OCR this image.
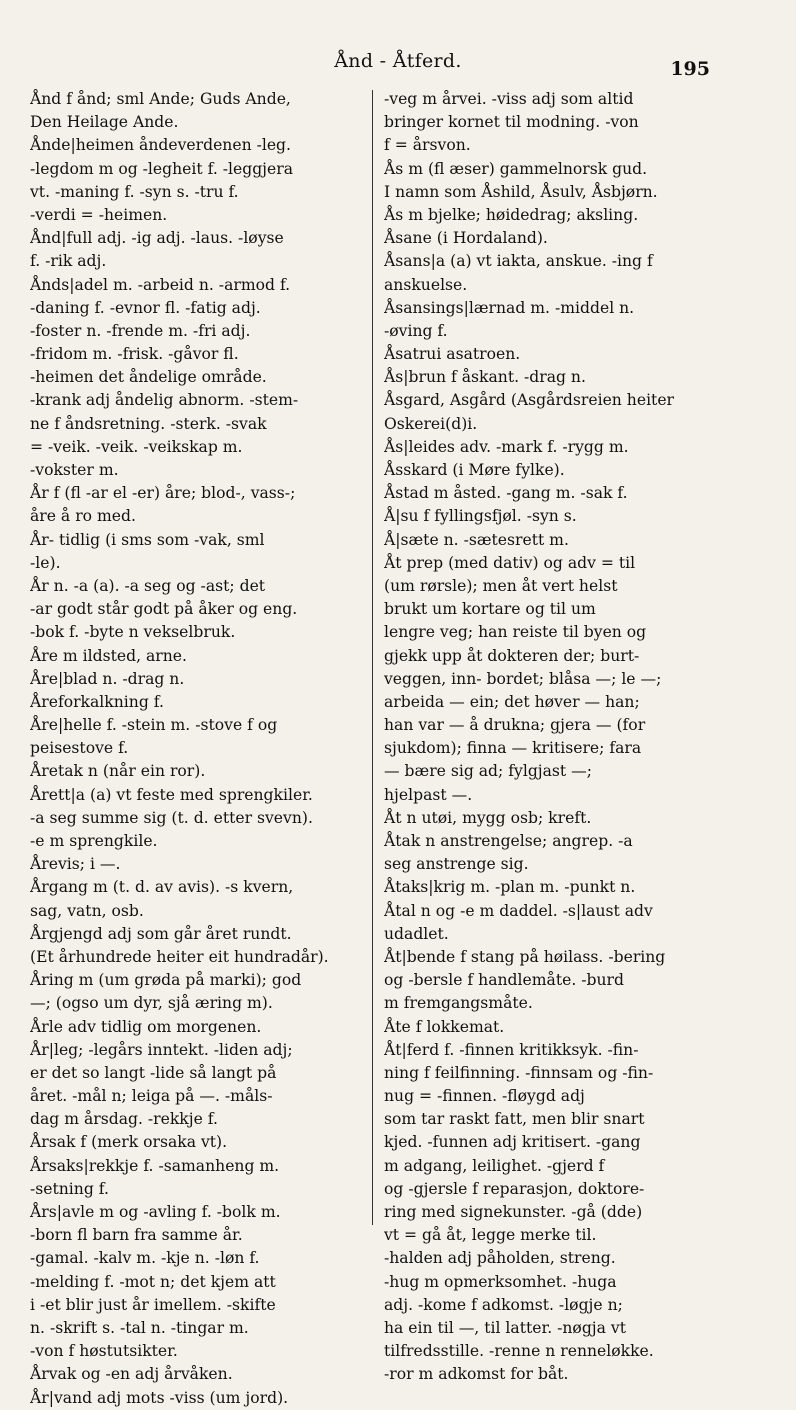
Ånd - Åtferd.	195
Ånd f ånd; sml Ande; Guds Ande,
Den Heilage Ande.
Ånde|heimen åndeverdenen -leg.
-legdom m og -legheit f. -leggjera
vt. -maning f. -syn s. -tru f.
-verdi = -heimen.
Ånd|full adj. -ig adj. -laus. -løyse
f. -rik adj.
Ånds|adel m. -arbeid n. -armod f.
-daning f. -evnor fl. -fatig adj.
-foster n. -frende m. -fri adj.
-fridom m. -frisk. -gåvor fl.
-heimen det åndelige område.
-krank adj åndelig abnorm. -stem-
ne f åndsretning. -sterk. -svak
= -veik. -veik. -veikskap m.
-vokster m.
År f (fl -ar el -er) åre; blod-, vass-;
åre å ro med.
År- tidlig (i sms som -vak, sml
-le).
År n. -a (a). -a seg og -ast; det
-ar godt står godt på åker og eng.
-bok f. -byte n vekselbruk.
Åre m ildsted, arne.
Åre|blad n. -drag n.
Åreforkalkning f.
Åre|helle f. -stein m. -stove f og
peisestove f.
Åretak n (når ein ror).
Årett|a (a) vt feste med sprengkiler.
-a seg summe sig (t. d. etter svevn).
-e m sprengkile.
Årevis; i —.
Årgang m (t. d. av avis). -s kvern,
sag, vatn, osb.
Årgjengd adj som går året rundt.
(Et århundrede heiter eit hundradår).
Åring m (um grøda på marki); god
—; (ogso um dyr, sjå æring m).
Årle adv tidlig om morgenen.
År|leg; -legårs inntekt. -liden adj;
er det so langt -lide så langt på
året. -mål n; leiga på —. -måls-
dag m årsdag. -rekkje f.
Årsak f (merk orsaka vt).
Årsaks|rekkje f. -samanheng m.
-setning f.
Års|avle m og -avling f. -bolk m.
-born fl barn fra samme år.
-gamal. -kalv m. -kje n. -løn f.
-melding f. -mot n; det kjem att
i -et blir just år imellem. -skifte
n. -skrift s. -tal n. -tingar m.
-von f høstutsikter.
Årvak og -en adj årvåken.
År|vand adj mots -viss (um jord).
-veg m årvei. -viss adj som altid
bringer kornet til modning. -von
f = årsvon.
Ås m (fl æser) gammelnorsk gud.
I namn som Åshild, Åsulv, Åsbjørn.
Ås m bjelke; høidedrag; aksling.
Åsane (i Hordaland).
Åsans|a (a) vt iakta, anskue. -ing f
anskuelse.
Åsansings|lærnad m. -middel n.
-øving f.
Åsatrui asatroen.
Ås|brun f åskant. -drag n.
Åsgard, Asgård (Asgårdsreien heiter
Oskerei(d)i.
Ås|leides adv. -mark f. -rygg m.
Åsskard (i Møre fylke).
Åstad m åsted. -gang m. -sak f.
Å|su f fyllingsfjøl. -syn s.
Å|sæte n. -sætesrett m.
Åt prep (med dativ) og adv = til
(um rørsle); men åt vert helst
brukt um kortare og til um
lengre veg; han reiste til byen og
gjekk upp åt dokteren der; burt-
veggen, inn- bordet; blåsa —; le —;
arbeida — ein; det høver — han;
han var — å drukna; gjera — (for
sjukdom); finna — kritisere; fara
— bære sig ad; fylgjast —;
hjelpast —.
Åt n utøi, mygg osb; kreft.
Åtak n anstrengelse; angrep. -a
seg anstrenge sig.
Åtaks|krig m. -plan m. -punkt n.
Åtal n og -e m daddel. -s|laust adv
udadlet.
Åt|bende f stang på høilass. -bering
og -bersle f handlemåte. -burd
m fremgangsmåte.
Åte f lokkemat.
Åt|ferd f. -finnen kritikksyk. -fin-
ning f feilfinning. -finnsam og -fin-
nug = -finnen. -fløygd adj
som tar raskt fatt, men blir snart
kjed. -funnen adj kritisert. -gang
m adgang, leilighet. -gjerd f
og -gjersle f reparasjon, doktore-
ring med signekunster. -gå (dde)
vt = gå åt, legge merke til.
-halden adj påholden, streng.
-hug m opmerksomhet. -huga
adj. -kome f adkomst. -løgje n;
ha ein til —, til latter. -nøgja vt
tilfredsstille. -renne n renneløkke.
-ror m adkomst for båt.
